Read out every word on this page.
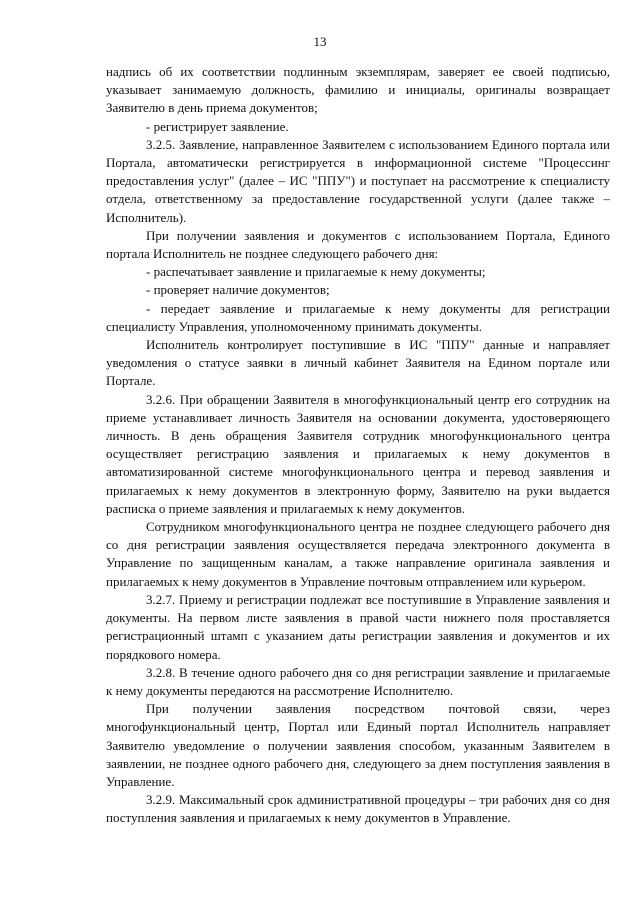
13

надпись об их соответствии подлинным экземплярам, заверяет ее своей подписью, указывает занимаемую должность, фамилию и инициалы, оригиналы возвращает Заявителю в день приема документов;

- регистрирует заявление.

3.2.5. Заявление, направленное Заявителем с использованием Единого портала или Портала, автоматически регистрируется в информационной системе "Процессинг предоставления услуг" (далее – ИС "ППУ") и поступает на рассмотрение к специалисту отдела, ответственному за предоставление государственной услуги (далее также – Исполнитель).

При получении заявления и документов с использованием Портала, Единого портала Исполнитель не позднее следующего рабочего дня:

- распечатывает заявление и прилагаемые к нему документы;

- проверяет наличие документов;

- передает заявление и прилагаемые к нему документы для регистрации специалисту Управления, уполномоченному принимать документы.

Исполнитель контролирует поступившие в ИС "ППУ" данные и направляет уведомления о статусе заявки в личный кабинет Заявителя на Едином портале или Портале.

3.2.6. При обращении Заявителя в многофункциональный центр его сотрудник на приеме устанавливает личность Заявителя на основании документа, удостоверяющего личность. В день обращения Заявителя сотрудник многофункционального центра осуществляет регистрацию заявления и прилагаемых к нему документов в автоматизированной системе многофункционального центра и перевод заявления и прилагаемых к нему документов в электронную форму, Заявителю на руки выдается расписка о приеме заявления и прилагаемых к нему документов.

Сотрудником многофункционального центра не позднее следующего рабочего дня со дня регистрации заявления осуществляется передача электронного документа в Управление по защищенным каналам, а также направление оригинала заявления и прилагаемых к нему документов в Управление почтовым отправлением или курьером.

3.2.7. Приему и регистрации подлежат все поступившие в Управление заявления и документы. На первом листе заявления в правой части нижнего поля проставляется регистрационный штамп с указанием даты регистрации заявления и документов и их порядкового номера.

3.2.8. В течение одного рабочего дня со дня регистрации заявление и прилагаемые к нему документы передаются на рассмотрение Исполнителю.

При получении заявления посредством почтовой связи, через многофункциональный центр, Портал или Единый портал Исполнитель направляет Заявителю уведомление о получении заявления способом, указанным Заявителем в заявлении, не позднее одного рабочего дня, следующего за днем поступления заявления в Управление.

3.2.9. Максимальный срок административной процедуры – три рабочих дня со дня поступления заявления и прилагаемых к нему документов в Управление.
